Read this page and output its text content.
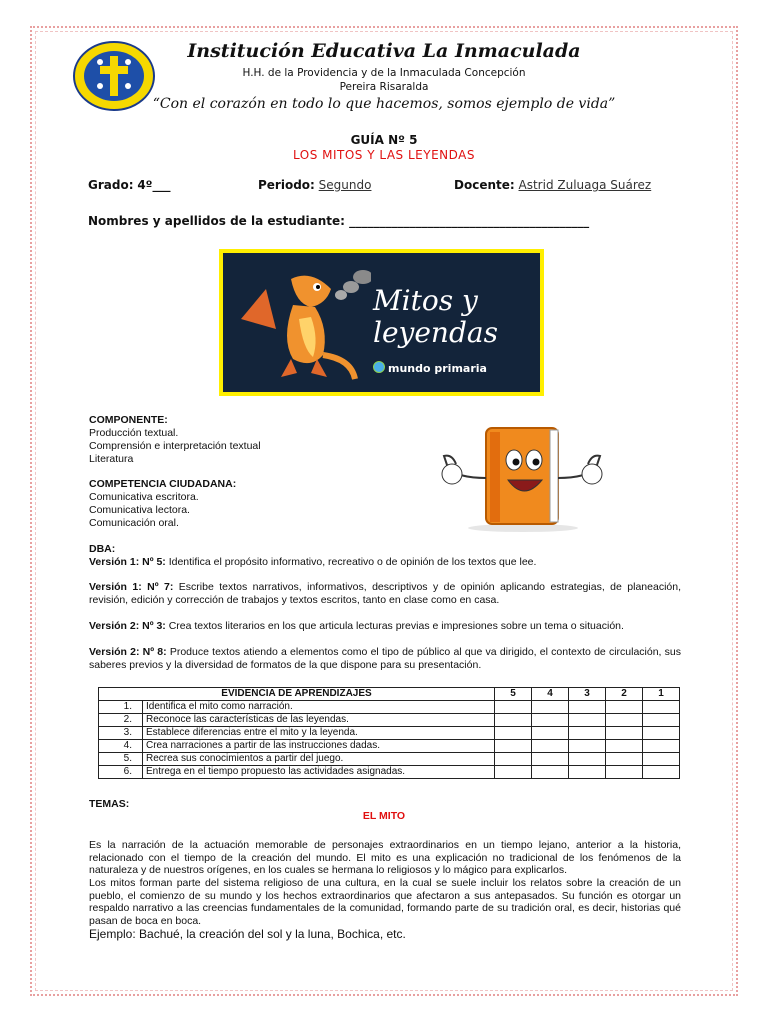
Institución Educativa La Inmaculada
H.H. de la Providencia y de la Inmaculada Concepción
Pereira Risaralda
“Con el corazón en todo lo que hacemos, somos ejemplo de vida”
GUÍA Nº 5
LOS MITOS Y LAS LEYENDAS
Grado: 4º___	Periodo: Segundo	Docente: Astrid Zuluaga Suárez
Nombres y apellidos de la estudiante: ________________________________________
Mitos y
leyendas
mundo primaria
COMPONENTE:
Producción textual.
Comprensión e interpretación textual
Literatura
COMPETENCIA CIUDADANA:
Comunicativa escritora.
Comunicativa lectora.
Comunicación oral.
DBA:
Versión 1: Nº 5: Identifica el propósito informativo, recreativo o de opinión de los textos que lee.
Versión 1: Nº 7: Escribe textos narrativos, informativos, descriptivos y de opinión aplicando estrategias, de planeación, revisión, edición y corrección de trabajos y textos escritos, tanto en clase como en casa.
Versión 2: Nº 3: Crea textos literarios en los que articula lecturas previas e impresiones sobre un tema o situación.
Versión 2: Nº 8: Produce textos atiendo a elementos como el tipo de público al que va dirigido, el contexto de circulación, sus saberes previos y la diversidad de formatos de la que dispone para su presentación.
EVIDENCIA DE APRENDIZAJES		5	4	3	2	1
1.	Identifica el mito como narración.					
2.	Reconoce las características de las leyendas.					
3.	Establece diferencias entre el mito y la leyenda.					
4.	Crea narraciones a partir de las instrucciones dadas.					
5.	Recrea sus conocimientos a partir del juego.					
6.	Entrega en el tiempo propuesto las actividades asignadas.					
TEMAS:
EL MITO
Es la narración de la actuación memorable de personajes extraordinarios en un tiempo lejano, anterior a la historia, relacionado con el tiempo de la creación del mundo. El mito es una explicación no tradicional de los fenómenos de la naturaleza y de nuestros orígenes, en los cuales se hermana lo religiosos y lo mágico para explicarlos.
Los mitos forman parte del sistema religioso de una cultura, en la cual se suele incluir los relatos sobre la creación de un pueblo, el comienzo de su mundo y los hechos extraordinarios que afectaron a sus antepasados. Su función es otorgar un respaldo narrativo a las creencias fundamentales de la comunidad, formando parte de su tradición oral, es decir, historias qué pasan de boca en boca.
Ejemplo: Bachué, la creación del sol y la luna, Bochica, etc.
